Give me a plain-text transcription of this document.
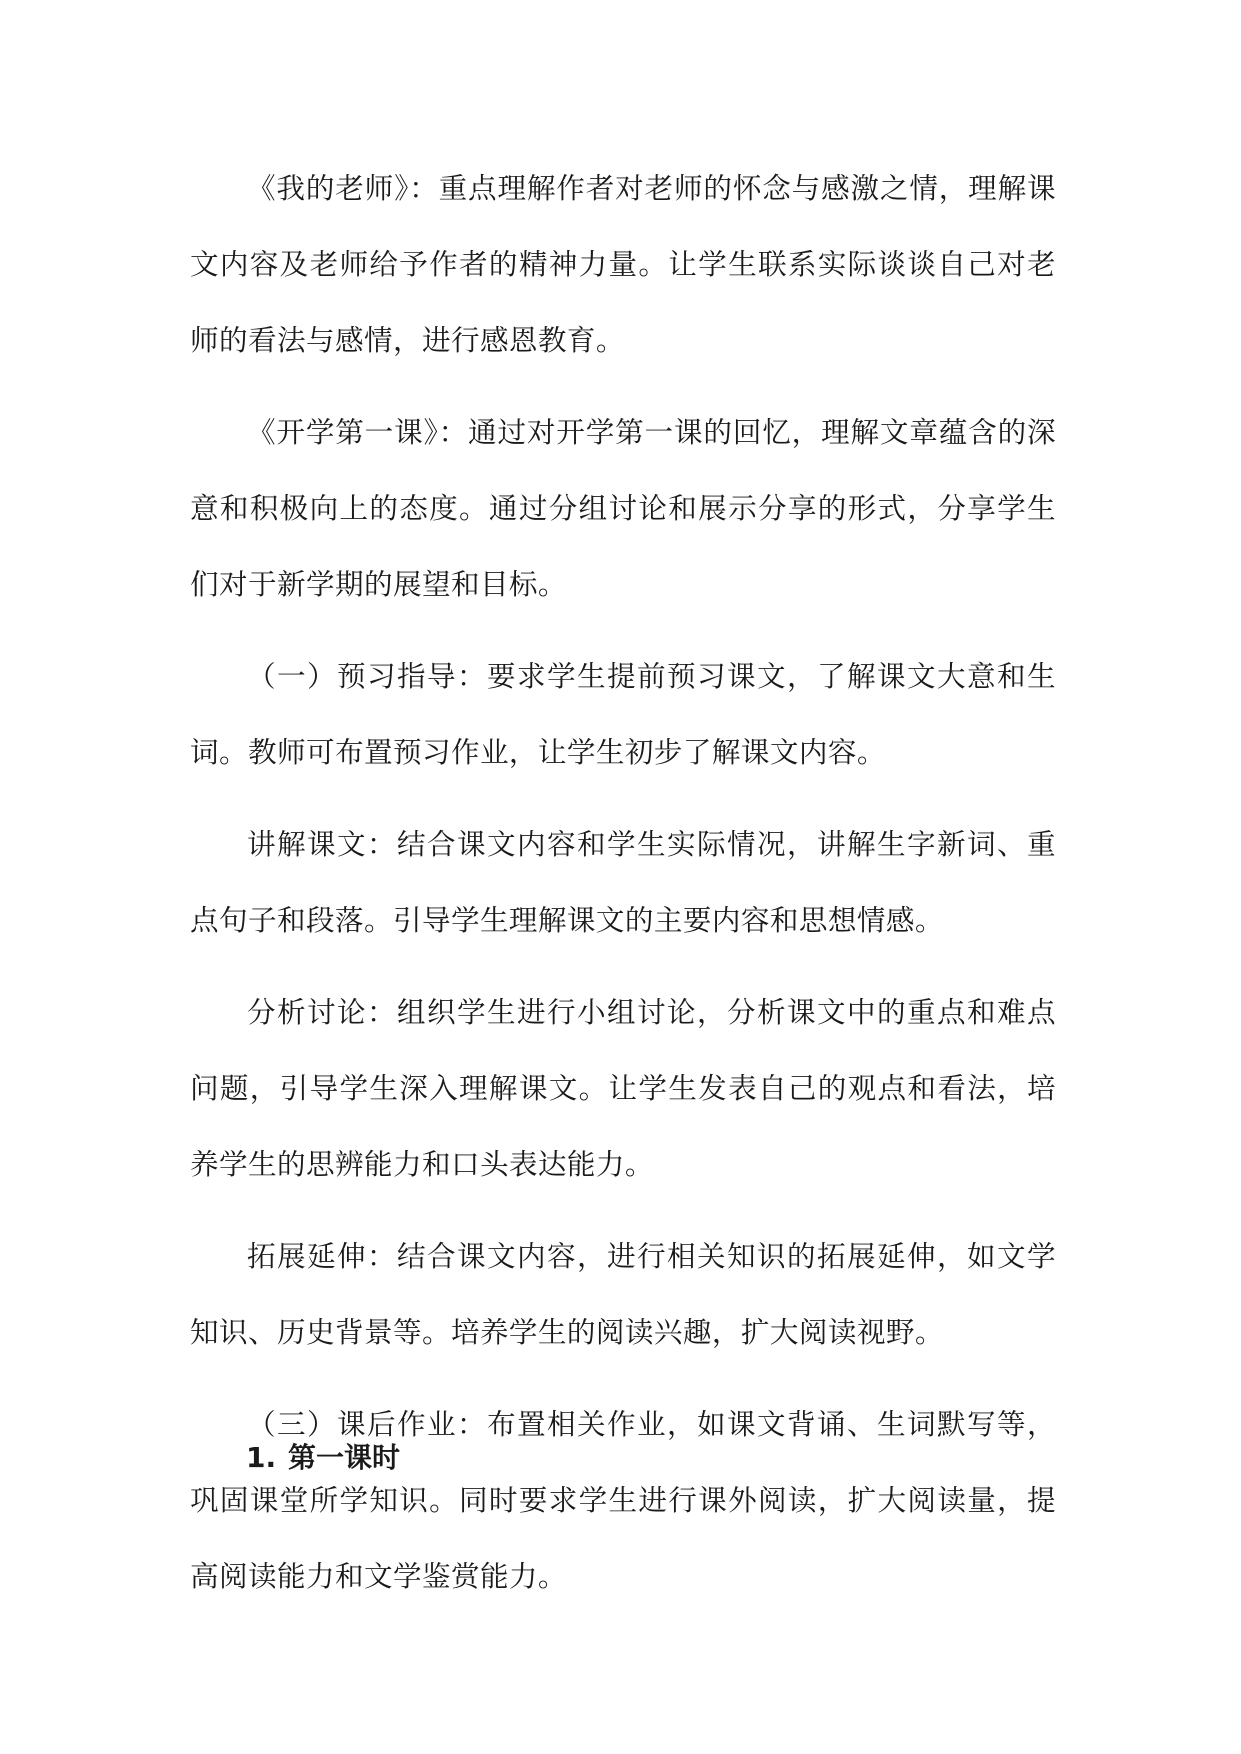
《我的老师》：重点理解作者对老师的怀念与感激之情，理解课文内容及老师给予作者的精神力量。让学生联系实际谈谈自己对老师的看法与感情，进行感恩教育。

《开学第一课》：通过对开学第一课的回忆，理解文章蕴含的深意和积极向上的态度。通过分组讨论和展示分享的形式，分享学生们对于新学期的展望和目标。

（一）预习指导：要求学生提前预习课文，了解课文大意和生词。教师可布置预习作业，让学生初步了解课文内容。

讲解课文：结合课文内容和学生实际情况，讲解生字新词、重点句子和段落。引导学生理解课文的主要内容和思想情感。

分析讨论：组织学生进行小组讨论，分析课文中的重点和难点问题，引导学生深入理解课文。让学生发表自己的观点和看法，培养学生的思辨能力和口头表达能力。

拓展延伸：结合课文内容，进行相关知识的拓展延伸，如文学知识、历史背景等。培养学生的阅读兴趣，扩大阅读视野。

（三）课后作业：布置相关作业，如课文背诵、生词默写等，巩固课堂所学知识。同时要求学生进行课外阅读，扩大阅读量，提高阅读能力和文学鉴赏能力。

1. 第一课时
